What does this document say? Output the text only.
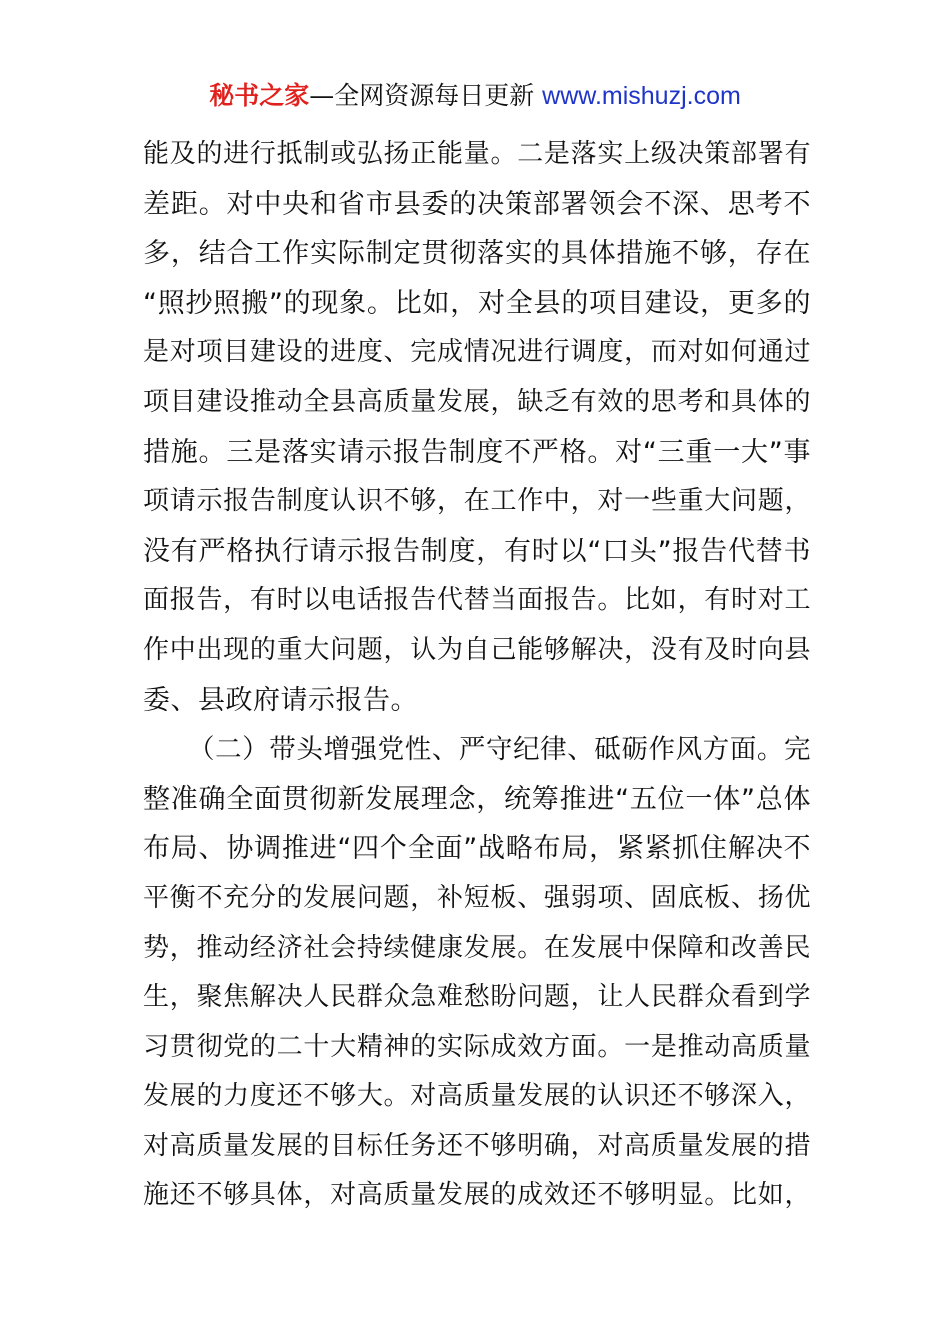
秘书之家—全网资源每日更新 www.mishuzj.com
能及的进行抵制或弘扬正能量。二是落实上级决策部署有
差距。对中央和省市县委的决策部署领会不深、思考不
多，结合工作实际制定贯彻落实的具体措施不够，存在
“照抄照搬”的现象。比如，对全县的项目建设，更多的
是对项目建设的进度、完成情况进行调度，而对如何通过
项目建设推动全县高质量发展，缺乏有效的思考和具体的
措施。三是落实请示报告制度不严格。对“三重一大”事
项请示报告制度认识不够，在工作中，对一些重大问题，
没有严格执行请示报告制度，有时以“口头”报告代替书
面报告，有时以电话报告代替当面报告。比如，有时对工
作中出现的重大问题，认为自己能够解决，没有及时向县
委、县政府请示报告。
（二）带头增强党性、严守纪律、砥砺作风方面。完
整准确全面贯彻新发展理念，统筹推进“五位一体”总体
布局、协调推进“四个全面”战略布局，紧紧抓住解决不
平衡不充分的发展问题，补短板、强弱项、固底板、扬优
势，推动经济社会持续健康发展。在发展中保障和改善民
生，聚焦解决人民群众急难愁盼问题，让人民群众看到学
习贯彻党的二十大精神的实际成效方面。一是推动高质量
发展的力度还不够大。对高质量发展的认识还不够深入，
对高质量发展的目标任务还不够明确，对高质量发展的措
施还不够具体，对高质量发展的成效还不够明显。比如，
